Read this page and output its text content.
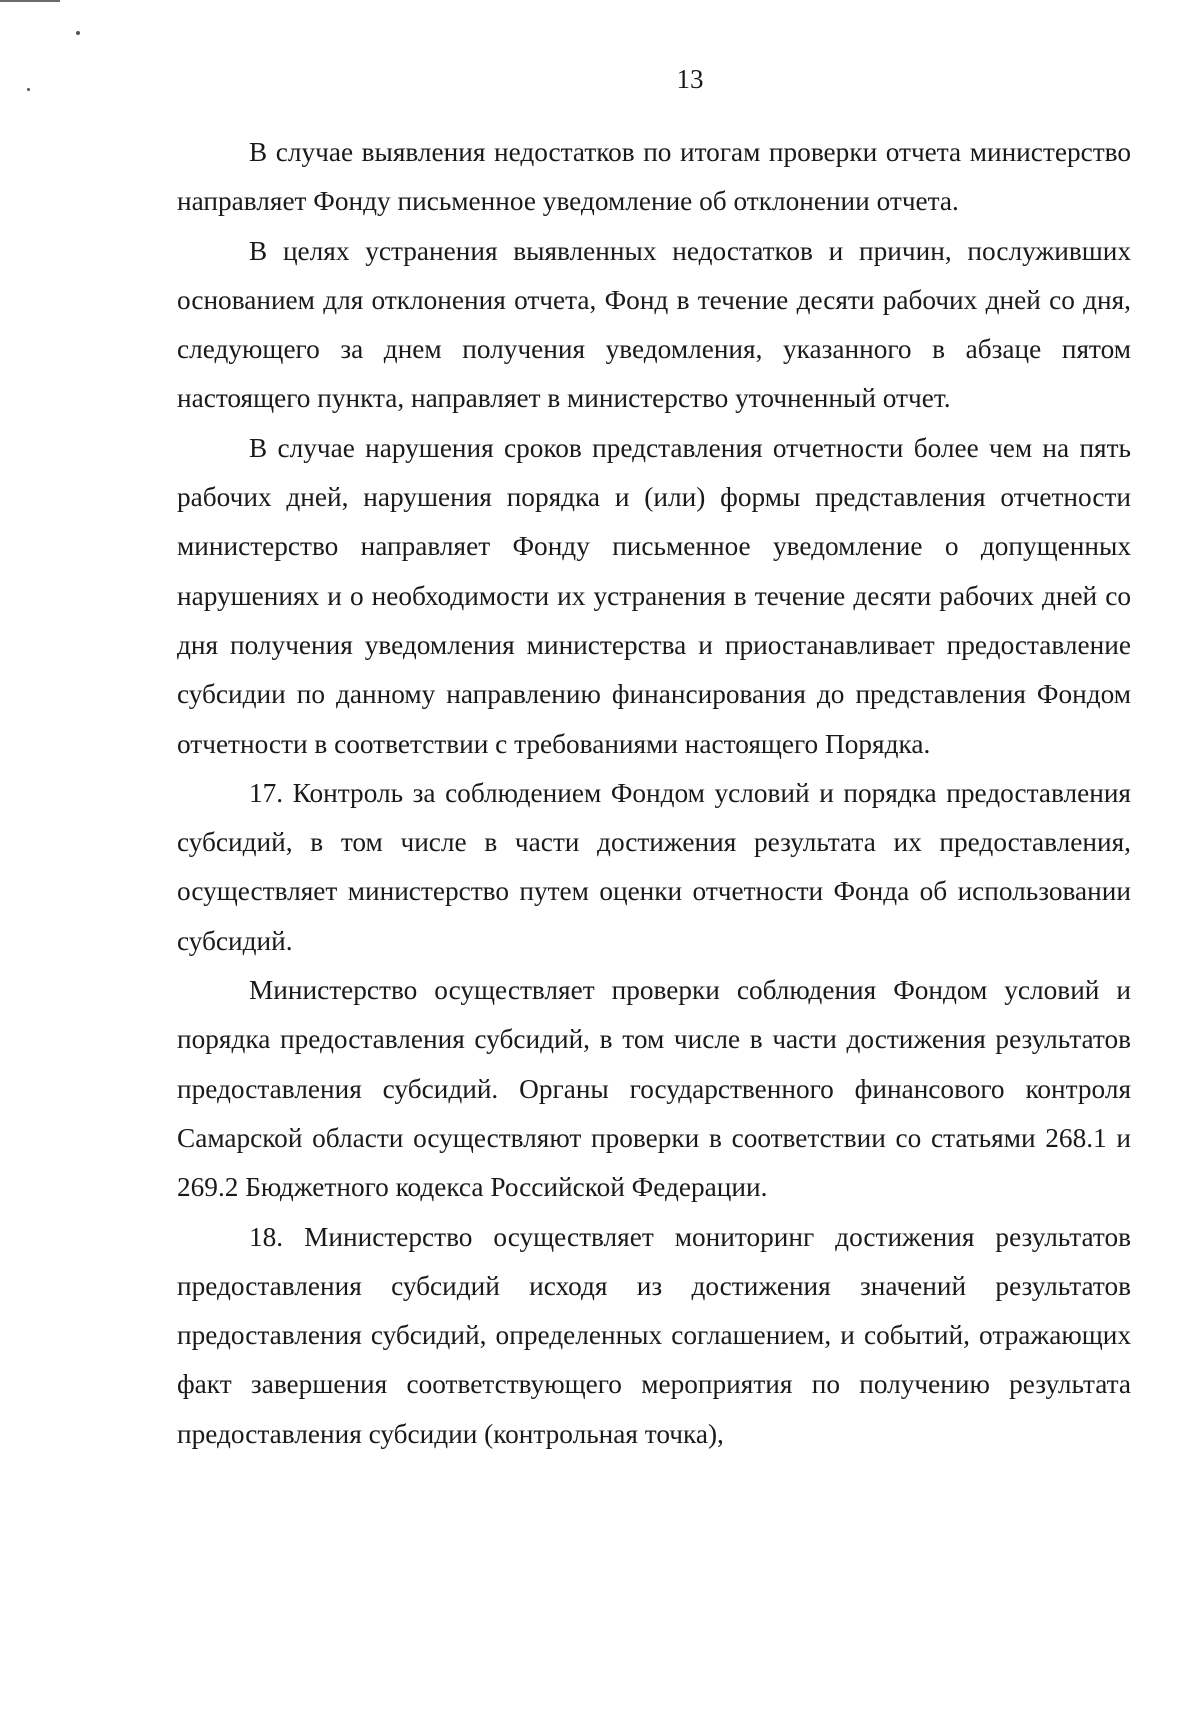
13

В случае выявления недостатков по итогам проверки отчета министерство направляет Фонду письменное уведомление об отклонении отчета.

В целях устранения выявленных недостатков и причин, послуживших основанием для отклонения отчета, Фонд в течение десяти рабочих дней со дня, следующего за днем получения уведомления, указанного в абзаце пятом настоящего пункта, направляет в министерство уточненный отчет.

В случае нарушения сроков представления отчетности более чем на пять рабочих дней, нарушения порядка и (или) формы представления отчетности министерство направляет Фонду письменное уведомление о допущенных нарушениях и о необходимости их устранения в течение десяти рабочих дней со дня получения уведомления министерства и приостанавливает предоставление субсидии по данному направлению финансирования до представления Фондом отчетности в соответствии с требованиями настоящего Порядка.

17. Контроль за соблюдением Фондом условий и порядка предоставления субсидий, в том числе в части достижения результата их предоставления, осуществляет министерство путем оценки отчетности Фонда об использовании субсидий.

Министерство осуществляет проверки соблюдения Фондом условий и порядка предоставления субсидий, в том числе в части достижения результатов предоставления субсидий. Органы государственного финансового контроля Самарской области осуществляют проверки в соответствии со статьями 268.1 и 269.2 Бюджетного кодекса Российской Федерации.

18. Министерство осуществляет мониторинг достижения результатов предоставления субсидий исходя из достижения значений результатов предоставления субсидий, определенных соглашением, и событий, отражающих факт завершения соответствующего мероприятия по получению результата предоставления субсидии (контрольная точка),
